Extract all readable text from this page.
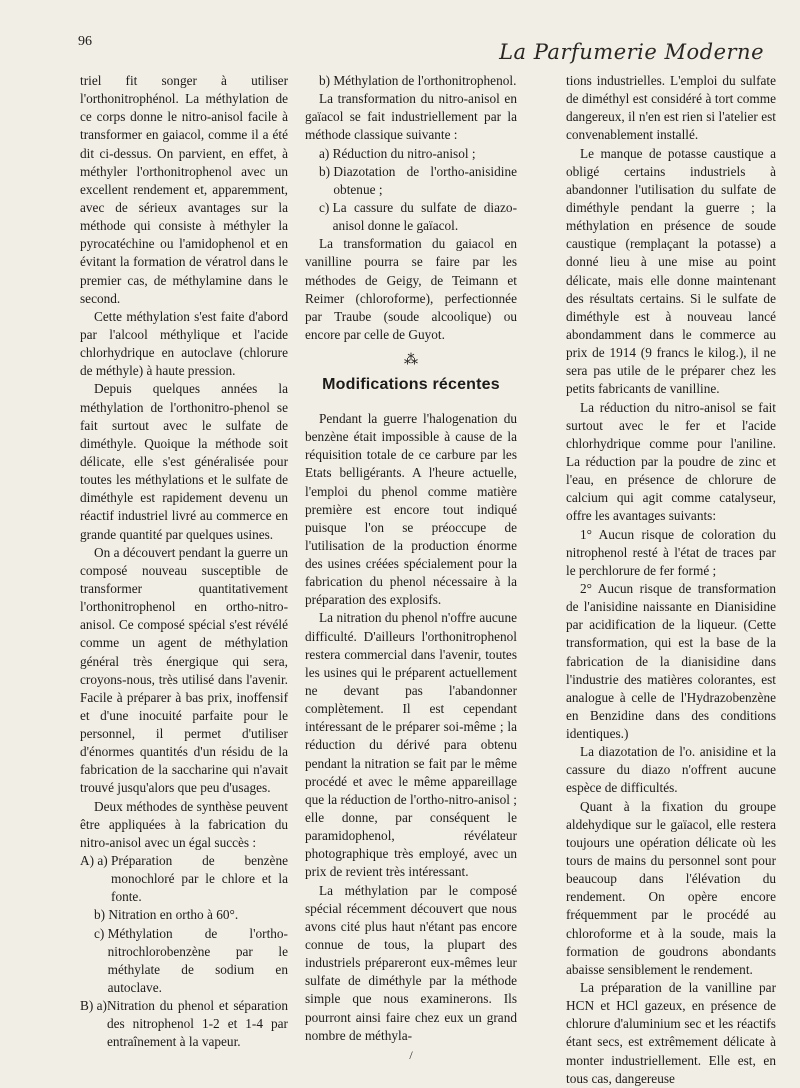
96	La Parfumerie Moderne

triel fit songer à utiliser l'orthonitrophénol. La méthylation de ce corps donne le nitro-anisol facile à transformer en gaiacol, comme il a été dit ci-dessus. On parvient, en effet, à méthyler l'orthonitrophenol avec un excellent rendement et, apparemment, avec de sérieux avantages sur la méthode qui consiste à méthyler la pyrocatéchine ou l'amidophenol et en évitant la formation de vératrol dans le premier cas, de méthylamine dans le second.

Cette méthylation s'est faite d'abord par l'alcool méthylique et l'acide chlorhydrique en autoclave (chlorure de méthyle) à haute pression.

Depuis quelques années la méthylation de l'orthonitro-phenol se fait surtout avec le sulfate de diméthyle. Quoique la méthode soit délicate, elle s'est généralisée pour toutes les méthylations et le sulfate de diméthyle est rapidement devenu un réactif industriel livré au commerce en grande quantité par quelques usines.

On a découvert pendant la guerre un composé nouveau susceptible de transformer quantitativement l'orthonitrophenol en ortho-nitro-anisol. Ce composé spécial s'est révélé comme un agent de méthylation général très énergique qui sera, croyons-nous, très utilisé dans l'avenir. Facile à préparer à bas prix, inoffensif et d'une inocuité parfaite pour le personnel, il permet d'utiliser d'énormes quantités d'un résidu de la fabrication de la saccharine qui n'avait trouvé jusqu'alors que peu d'usages.

Deux méthodes de synthèse peuvent être appliquées à la fabrication du nitro-anisol avec un égal succès :

A) a) Préparation de benzène monochloré par le chlore et la fonte.
b) Nitration en ortho à 60°.
c) Méthylation de l'ortho-nitrochlorobenzène par le méthylate de sodium en autoclave.
B) a) Nitration du phenol et séparation des nitrophenol 1-2 et 1-4 par entraînement à la vapeur.
b) Méthylation de l'orthonitrophenol.

La transformation du nitro-anisol en gaïacol se fait industriellement par la méthode classique suivante :

a) Réduction du nitro-anisol ;
b) Diazotation de l'ortho-anisidine obtenue ;
c) La cassure du sulfate de diazo-anisol donne le gaïacol.

La transformation du gaiacol en vanilline pourra se faire par les méthodes de Geigy, de Teimann et Reimer (chloroforme), perfectionnée par Traube (soude alcoolique) ou encore par celle de Guyot.

⁂
Modifications récentes

Pendant la guerre l'halogenation du benzène était impossible à cause de la réquisition totale de ce carbure par les Etats belligérants. A l'heure actuelle, l'emploi du phenol comme matière première est encore tout indiqué puisque l'on se préoccupe de l'utilisation de la production énorme des usines créées spécialement pour la fabrication du phenol nécessaire à la préparation des explosifs.

La nitration du phenol n'offre aucune difficulté. D'ailleurs l'orthonitrophenol restera commercial dans l'avenir, toutes les usines qui le préparent actuellement ne devant pas l'abandonner complètement. Il est cependant intéressant de le préparer soi-même ; la réduction du dérivé para obtenu pendant la nitration se fait par le même procédé et avec le même appareillage que la réduction de l'ortho-nitro-anisol ; elle donne, par conséquent le paramidophenol, révélateur photographique très employé, avec un prix de revient très intéressant.

La méthylation par le composé spécial récemment découvert que nous avons cité plus haut n'étant pas encore connue de tous, la plupart des industriels prépareront eux-mêmes leur sulfate de diméthyle par la méthode simple que nous examinerons. Ils pourront ainsi faire chez eux un grand nombre de méthyla-

/

tions industrielles. L'emploi du sulfate de diméthyl est considéré à tort comme dangereux, il n'en est rien si l'atelier est convenablement installé.

Le manque de potasse caustique a obligé certains industriels à abandonner l'utilisation du sulfate de diméthyle pendant la guerre ; la méthylation en présence de soude caustique (remplaçant la potasse) a donné lieu à une mise au point délicate, mais elle donne maintenant des résultats certains. Si le sulfate de diméthyle est à nouveau lancé abondamment dans le commerce au prix de 1914 (9 francs le kilog.), il ne sera pas utile de le préparer chez les petits fabricants de vanilline.

La réduction du nitro-anisol se fait surtout avec le fer et l'acide chlorhydrique comme pour l'aniline. La réduction par la poudre de zinc et l'eau, en présence de chlorure de calcium qui agit comme catalyseur, offre les avantages suivants:

1° Aucun risque de coloration du nitrophenol resté à l'état de traces par le perchlorure de fer formé ;

2° Aucun risque de transformation de l'anisidine naissante en Dianisidine par acidification de la liqueur. (Cette transformation, qui est la base de la fabrication de la dianisidine dans l'industrie des matières colorantes, est analogue à celle de l'Hydrazobenzène en Benzidine dans des conditions identiques.)

La diazotation de l'o. anisidine et la cassure du diazo n'offrent aucune espèce de difficultés.

Quant à la fixation du groupe aldehydique sur le gaïacol, elle restera toujours une opération délicate où les tours de mains du personnel sont pour beaucoup dans l'élévation du rendement. On opère encore fréquemment par le procédé au chloroforme et à la soude, mais la formation de goudrons abondants abaisse sensiblement le rendement.

La préparation de la vanilline par HCN et HCl gazeux, en présence de chlorure d'aluminium sec et les réactifs étant secs, est extrêmement délicate à monter industriellement. Elle est, en tous cas, dangereuse
